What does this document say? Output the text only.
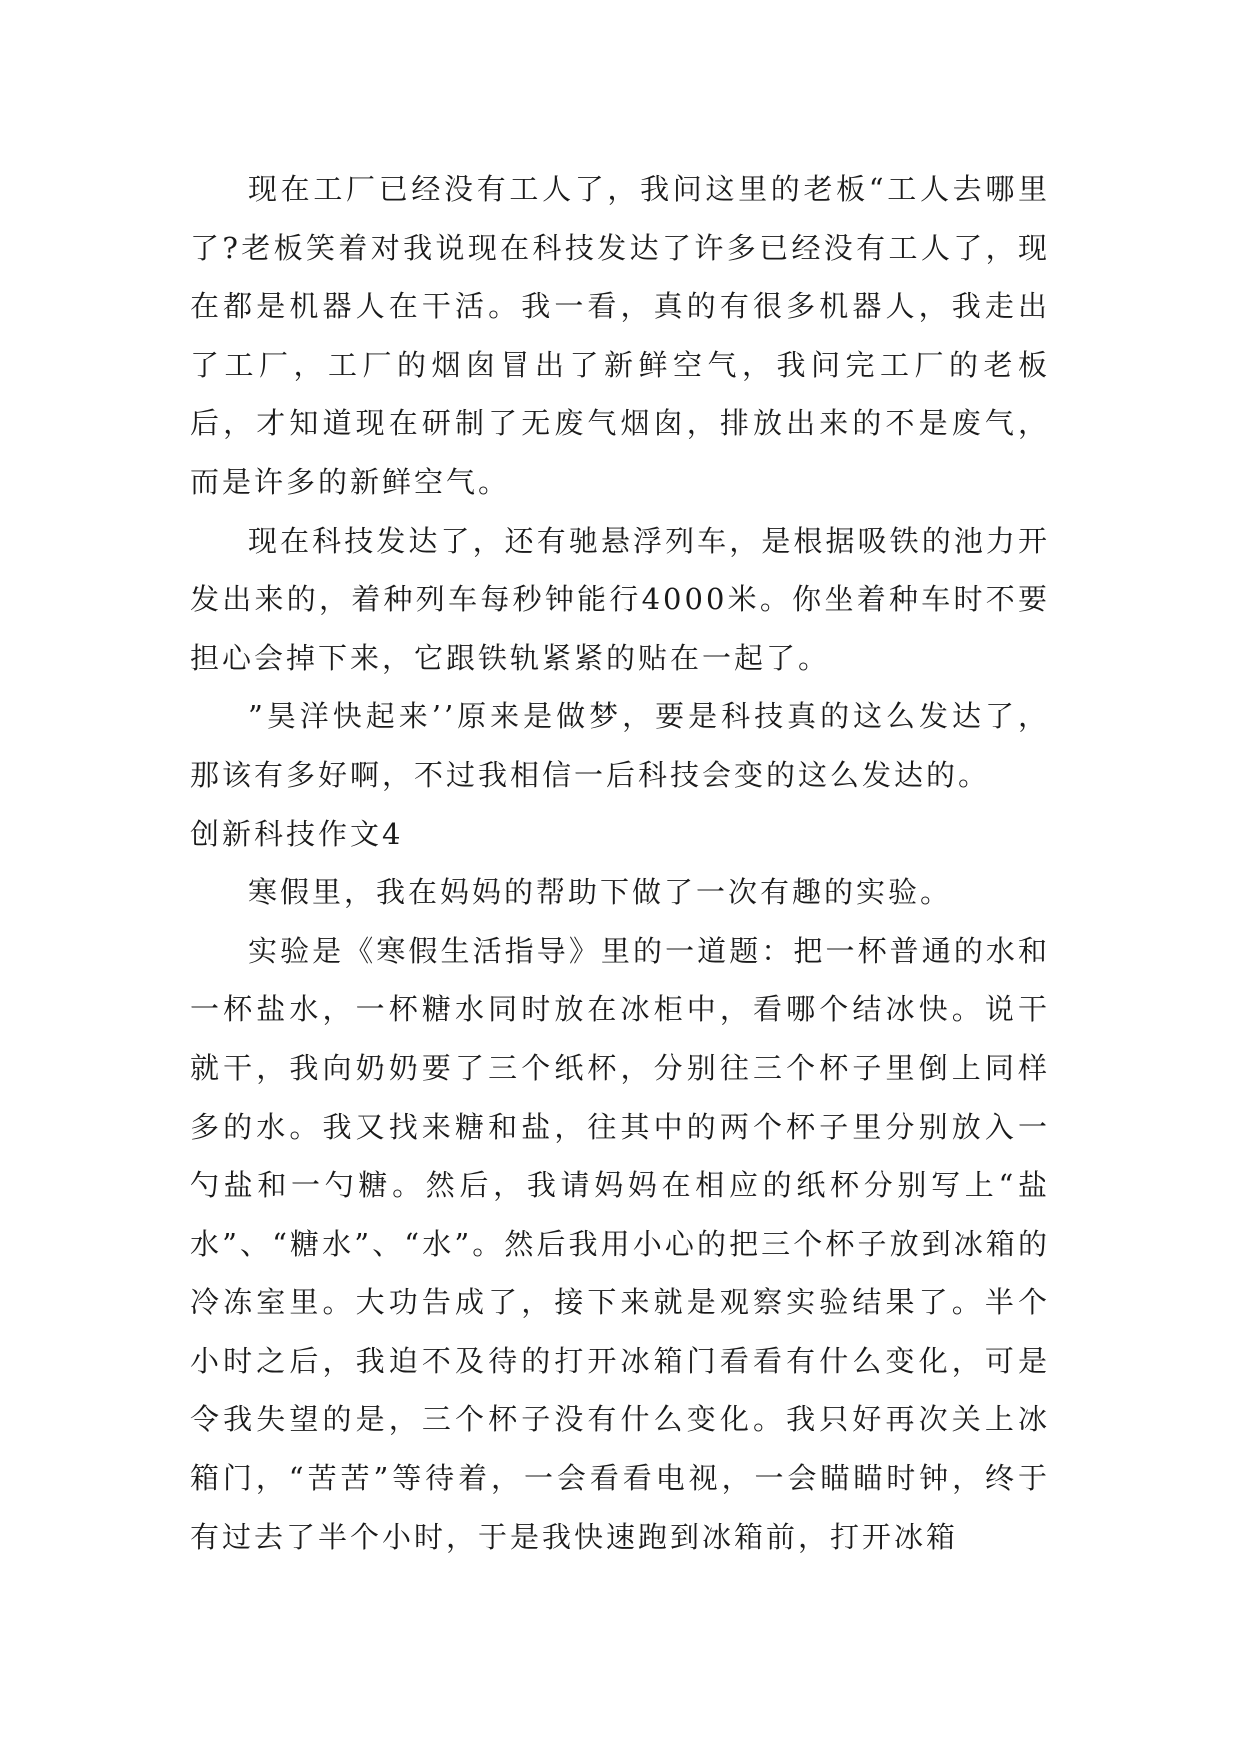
现在工厂已经没有工人了，我问这里的老板“工人去哪里了?老板笑着对我说现在科技发达了许多已经没有工人了，现在都是机器人在干活。我一看，真的有很多机器人，我走出了工厂，工厂的烟囱冒出了新鲜空气，我问完工厂的老板后，才知道现在研制了无废气烟囱，排放出来的不是废气，而是许多的新鲜空气。

现在科技发达了，还有驰悬浮列车，是根据吸铁的池力开发出来的，着种列车每秒钟能行4000米。你坐着种车时不要担心会掉下来，它跟铁轨紧紧的贴在一起了。

”昊洋快起来’’原来是做梦，要是科技真的这么发达了，那该有多好啊，不过我相信一后科技会变的这么发达的。

创新科技作文4

寒假里，我在妈妈的帮助下做了一次有趣的实验。

实验是《寒假生活指导》里的一道题：把一杯普通的水和一杯盐水，一杯糖水同时放在冰柜中，看哪个结冰快。说干就干，我向奶奶要了三个纸杯，分别往三个杯子里倒上同样多的水。我又找来糖和盐，往其中的两个杯子里分别放入一勺盐和一勺糖。然后，我请妈妈在相应的纸杯分别写上“盐水”、“糖水”、“水”。然后我用小心的把三个杯子放到冰箱的冷冻室里。大功告成了，接下来就是观察实验结果了。半个小时之后，我迫不及待的打开冰箱门看看有什么变化，可是令我失望的是，三个杯子没有什么变化。我只好再次关上冰箱门，“苦苦”等待着，一会看看电视，一会瞄瞄时钟，终于有过去了半个小时，于是我快速跑到冰箱前，打开冰箱
